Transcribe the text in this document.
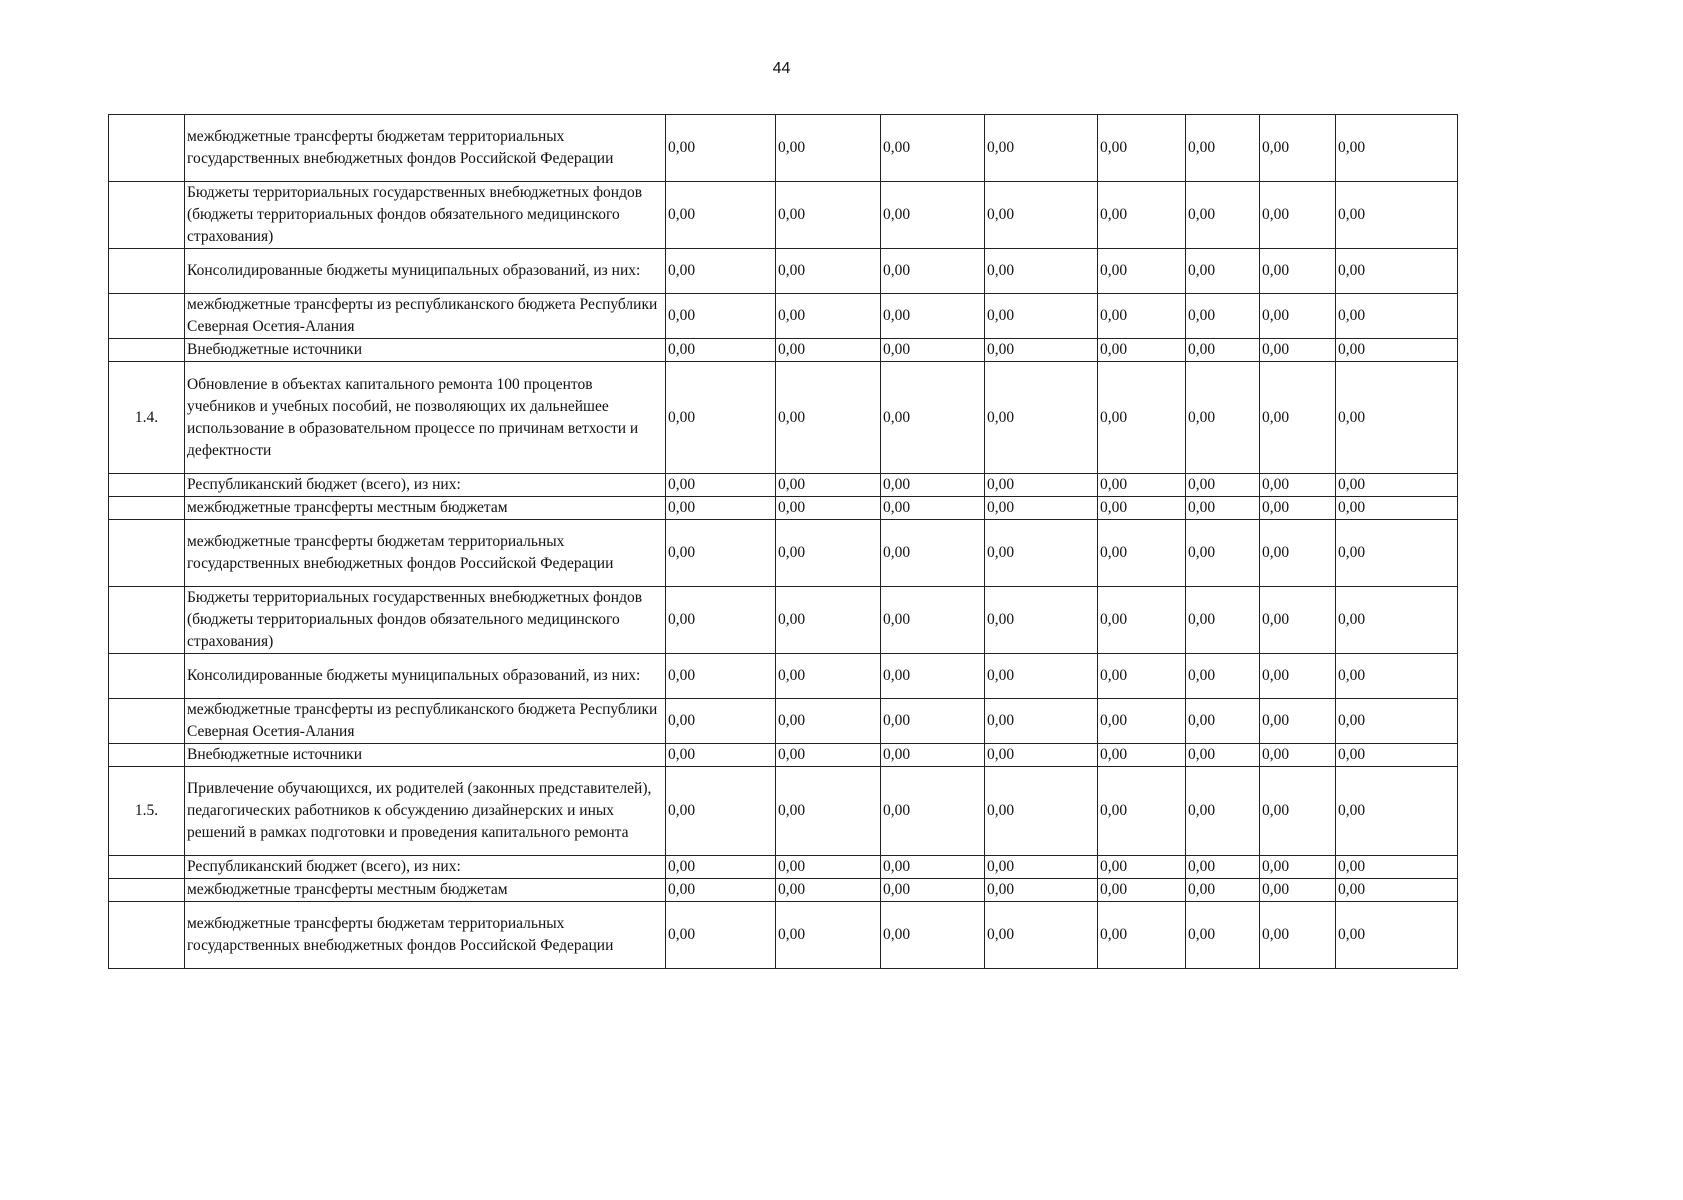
44
	межбюджетные трансферты бюджетам территориальных государственных внебюджетных фондов Российской Федерации	0,00	0,00	0,00	0,00	0,00	0,00	0,00	0,00
	Бюджеты территориальных государственных внебюджетных фондов (бюджеты территориальных фондов обязательного медицинского страхования)	0,00	0,00	0,00	0,00	0,00	0,00	0,00	0,00
	Консолидированные бюджеты муниципальных образований, из них:	0,00	0,00	0,00	0,00	0,00	0,00	0,00	0,00
	межбюджетные трансферты из республиканского бюджета Республики Северная Осетия-Алания	0,00	0,00	0,00	0,00	0,00	0,00	0,00	0,00
	Внебюджетные источники	0,00	0,00	0,00	0,00	0,00	0,00	0,00	0,00
1.4.	Обновление в объектах капитального ремонта 100 процентов учебников и учебных пособий, не позволяющих их дальнейшее использование в образовательном процессе по причинам ветхости и дефектности	0,00	0,00	0,00	0,00	0,00	0,00	0,00	0,00
	Республиканский бюджет (всего), из них:	0,00	0,00	0,00	0,00	0,00	0,00	0,00	0,00
	межбюджетные трансферты местным бюджетам	0,00	0,00	0,00	0,00	0,00	0,00	0,00	0,00
	межбюджетные трансферты бюджетам территориальных государственных внебюджетных фондов Российской Федерации	0,00	0,00	0,00	0,00	0,00	0,00	0,00	0,00
	Бюджеты территориальных государственных внебюджетных фондов (бюджеты территориальных фондов обязательного медицинского страхования)	0,00	0,00	0,00	0,00	0,00	0,00	0,00	0,00
	Консолидированные бюджеты муниципальных образований, из них:	0,00	0,00	0,00	0,00	0,00	0,00	0,00	0,00
	межбюджетные трансферты из республиканского бюджета Республики Северная Осетия-Алания	0,00	0,00	0,00	0,00	0,00	0,00	0,00	0,00
	Внебюджетные источники	0,00	0,00	0,00	0,00	0,00	0,00	0,00	0,00
1.5.	Привлечение обучающихся, их родителей (законных представителей), педагогических работников к обсуждению дизайнерских и иных решений в рамках подготовки и проведения капитального ремонта	0,00	0,00	0,00	0,00	0,00	0,00	0,00	0,00
	Республиканский бюджет (всего), из них:	0,00	0,00	0,00	0,00	0,00	0,00	0,00	0,00
	межбюджетные трансферты местным бюджетам	0,00	0,00	0,00	0,00	0,00	0,00	0,00	0,00
	межбюджетные трансферты бюджетам территориальных государственных внебюджетных фондов Российской Федерации	0,00	0,00	0,00	0,00	0,00	0,00	0,00	0,00
